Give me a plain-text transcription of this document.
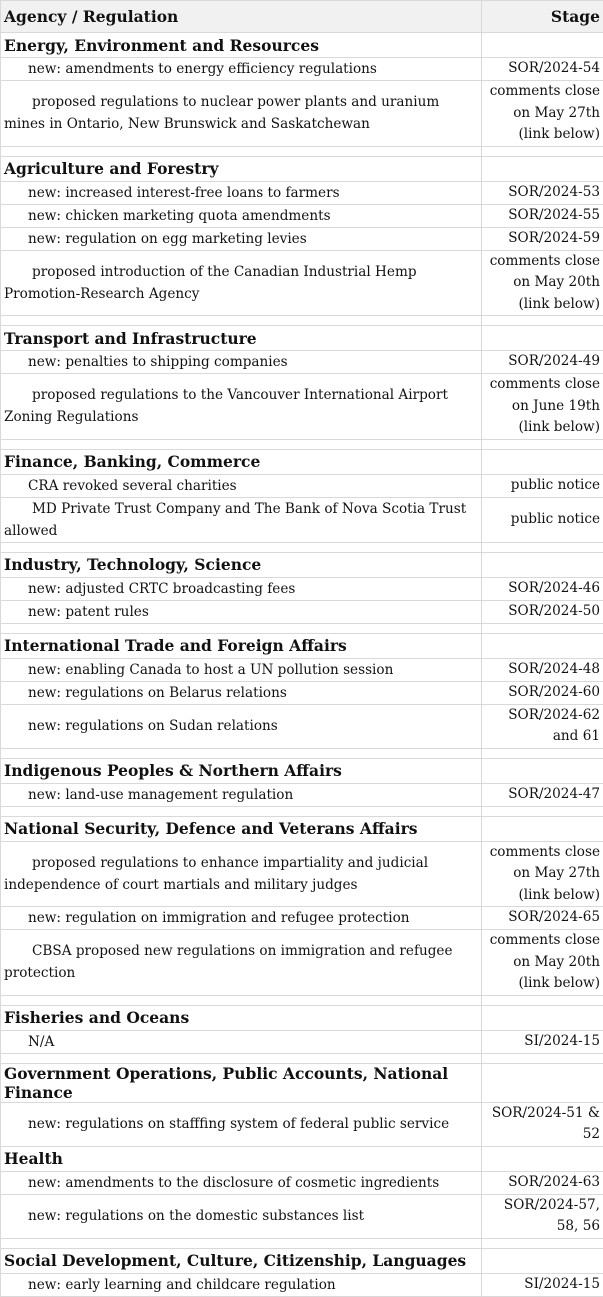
Agency / Regulation	Stage
Energy, Environment and Resources	
new: amendments to energy efficiency regulations	SOR/2024-54
proposed regulations to nuclear power plants and uranium mines in Ontario, New Brunswick and Saskatchewan	comments close on May 27th (link below)

Agriculture and Forestry	
new: increased interest-free loans to farmers	SOR/2024-53
new: chicken marketing quota amendments	SOR/2024-55
new: regulation on egg marketing levies	SOR/2024-59
proposed introduction of the Canadian Industrial Hemp Promotion-Research Agency	comments close on May 20th (link below)

Transport and Infrastructure	
new: penalties to shipping companies	SOR/2024-49
proposed regulations to the Vancouver International Airport Zoning Regulations	comments close on June 19th (link below)

Finance, Banking, Commerce	
CRA revoked several charities	public notice
MD Private Trust Company and The Bank of Nova Scotia Trust allowed	public notice

Industry, Technology, Science	
new: adjusted CRTC broadcasting fees	SOR/2024-46
new: patent rules	SOR/2024-50

International Trade and Foreign Affairs	
new: enabling Canada to host a UN pollution session	SOR/2024-48
new: regulations on Belarus relations	SOR/2024-60
new: regulations on Sudan relations	SOR/2024-62 and 61

Indigenous Peoples & Northern Affairs	
new: land-use management regulation	SOR/2024-47

National Security, Defence and Veterans Affairs	
proposed regulations to enhance impartiality and judicial independence of court martials and military judges	comments close on May 27th (link below)
new: regulation on immigration and refugee protection	SOR/2024-65
CBSA proposed new regulations on immigration and refugee protection	comments close on May 20th (link below)

Fisheries and Oceans	
N/A	SI/2024-15

Government Operations, Public Accounts, National Finance	
new: regulations on stafffing system of federal public service	SOR/2024-51 & 52
Health	
new: amendments to the disclosure of cosmetic ingredients	SOR/2024-63
new: regulations on the domestic substances list	SOR/2024-57, 58, 56

Social Development, Culture, Citizenship, Languages	
new: early learning and childcare regulation	SI/2024-15
